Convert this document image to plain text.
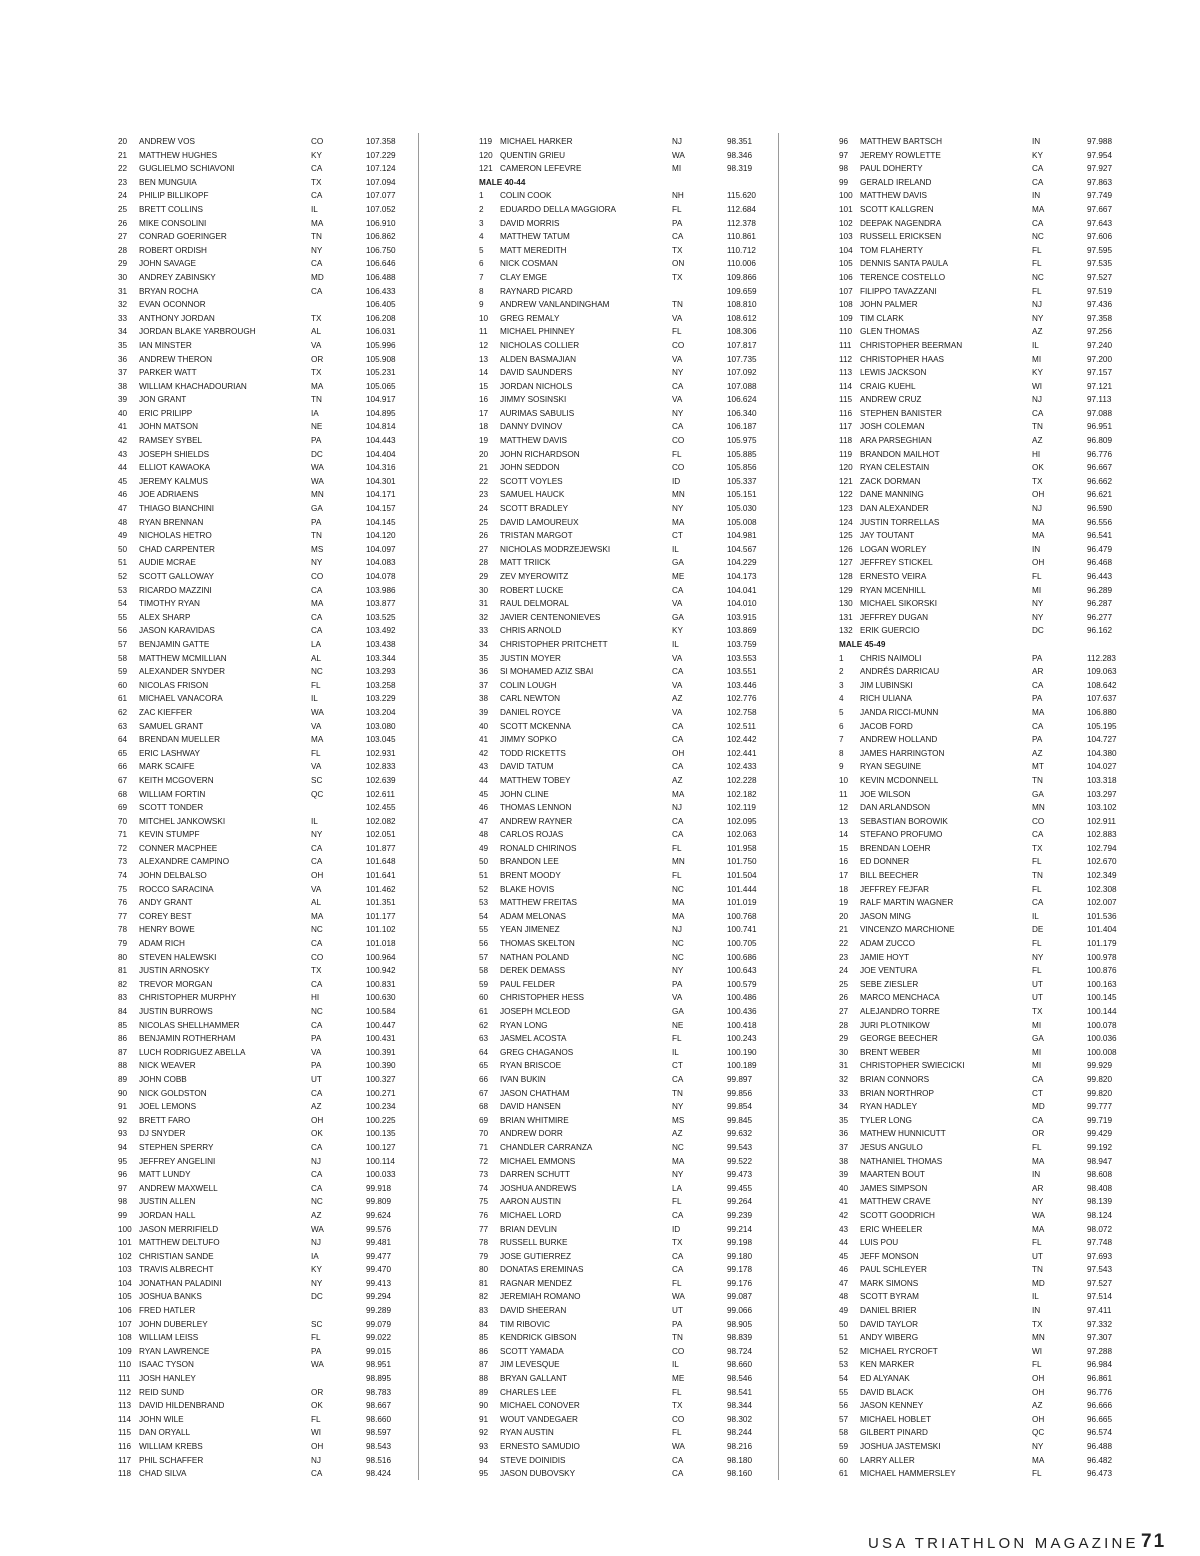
20 ANDREW VOS	CO	107.358
21 MATTHEW HUGHES	KY	107.229
22 GUGLIELMO SCHIAVONI	CA	107.124
23 BEN MUNGUIA	TX	107.094
24 PHILIP BILLIKOPF	CA	107.077
25 BRETT COLLINS	IL	107.052
26 MIKE CONSOLINI	MA	106.910
27 CONRAD GOERINGER	TN	106.862
28 ROBERT ORDISH	NY	106.750
29 JOHN SAVAGE	CA	106.646
30 ANDREY ZABINSKY	MD	106.488
31 BRYAN ROCHA	CA	106.433
32 EVAN OCONNOR	106.405
33 ANTHONY JORDAN	TX	106.208
34 JORDAN BLAKE YARBROUGH	AL	106.031
35 IAN MINSTER	VA	105.996
36 ANDREW THERON	OR	105.908
37 PARKER WATT	TX	105.231
38 WILLIAM KHACHADOURIAN	MA	105.065
39 JON GRANT	TN	104.917
40 ERIC PRILIPP	IA	104.895
41 JOHN MATSON	NE	104.814
42 RAMSEY SYBEL	PA	104.443
43 JOSEPH SHIELDS	DC	104.404
44 ELLIOT KAWAOKA	WA	104.316
45 JEREMY KALMUS	WA	104.301
46 JOE ADRIAENS	MN	104.171
47 THIAGO BIANCHINI	GA	104.157
48 RYAN BRENNAN	PA	104.145
49 NICHOLAS HETRO	TN	104.120
50 CHAD CARPENTER	MS	104.097
51 AUDIE MCRAE	NY	104.083
52 SCOTT GALLOWAY	CO	104.078
53 RICARDO MAZZINI	CA	103.986
54 TIMOTHY RYAN	MA	103.877
55 ALEX SHARP	CA	103.525
56 JASON KARAVIDAS	CA	103.492
57 BENJAMIN GATTE	LA	103.438
58 MATTHEW MCMILLIAN	AL	103.344
59 ALEXANDER SNYDER	NC	103.293
60 NICOLAS FRISON	FL	103.258
61 MICHAEL VANACORA	IL	103.229
62 ZAC KIEFFER	WA	103.204
63 SAMUEL GRANT	VA	103.080
64 BRENDAN MUELLER	MA	103.045
65 ERIC LASHWAY	FL	102.931
66 MARK SCAIFE	VA	102.833
67 KEITH MCGOVERN	SC	102.639
68 WILLIAM FORTIN	QC	102.611
69 SCOTT TONDER	102.455
70 MITCHEL JANKOWSKI	IL	102.082
71 KEVIN STUMPF	NY	102.051
72 CONNER MACPHEE	CA	101.877
73 ALEXANDRE CAMPINO	CA	101.648
74 JOHN DELBALSO	OH	101.641
75 ROCCO SARACINA	VA	101.462
76 ANDY GRANT	AL	101.351
77 COREY BEST	MA	101.177
78 HENRY BOWE	NC	101.102
79 ADAM RICH	CA	101.018
80 STEVEN HALEWSKI	CO	100.964
81 JUSTIN ARNOSKY	TX	100.942
82 TREVOR MORGAN	CA	100.831
83 CHRISTOPHER MURPHY	HI	100.630
84 JUSTIN BURROWS	NC	100.584
85 NICOLAS SHELLHAMMER	CA	100.447
86 BENJAMIN ROTHERHAM	PA	100.431
87 LUCH RODRIGUEZ ABELLA	VA	100.391
88 NICK WEAVER	PA	100.390
89 JOHN COBB	UT	100.327
90 NICK GOLDSTON	CA	100.271
91 JOEL LEMONS	AZ	100.234
92 BRETT FARO	OH	100.225
93 DJ SNYDER	OK	100.135
94 STEPHEN SPERRY	CA	100.127
95 JEFFREY ANGELINI	NJ	100.114
96 MATT LUNDY	CA	100.033
97 ANDREW MAXWELL	CA	99.918
98 JUSTIN ALLEN	NC	99.809
99 JORDAN HALL	AZ	99.624
100 JASON MERRIFIELD	WA	99.576
101 MATTHEW DELTUFO	NJ	99.481
102 CHRISTIAN SANDE	IA	99.477
103 TRAVIS ALBRECHT	KY	99.470
104 JONATHAN PALADINI	NY	99.413
105 JOSHUA BANKS	DC	99.294
106 FRED HATLER	99.289
107 JOHN DUBERLEY	SC	99.079
108 WILLIAM LEISS	FL	99.022
109 RYAN LAWRENCE	PA	99.015
110 ISAAC TYSON	WA	98.951
111 JOSH HANLEY	98.895
112 REID SUND	OR	98.783
113 DAVID HILDENBRAND	OK	98.667
114 JOHN WILE	FL	98.660
115 DAN ORYALL	WI	98.597
116 WILLIAM KREBS	OH	98.543
117 PHIL SCHAFFER	NJ	98.516
118 CHAD SILVA	CA	98.424
119 MICHAEL HARKER	NJ	98.351
120 QUENTIN GRIEU	WA	98.346
121 CAMERON LEFEVRE	MI	98.319
MALE 40-44
1 COLIN COOK	NH	115.620
2 EDUARDO DELLA MAGGIORA	FL	112.684
3 DAVID MORRIS	PA	112.378
4 MATTHEW TATUM	CA	110.861
5 MATT MEREDITH	TX	110.712
6 NICK COSMAN	ON	110.006
7 CLAY EMGE	TX	109.866
8 RAYNARD PICARD	109.659
9 ANDREW VANLANDINGHAM	TN	108.810
10 GREG REMALY	VA	108.612
11 MICHAEL PHINNEY	FL	108.306
12 NICHOLAS COLLIER	CO	107.817
13 ALDEN BASMAJIAN	VA	107.735
14 DAVID SAUNDERS	NY	107.092
15 JORDAN NICHOLS	CA	107.088
16 JIMMY SOSINSKI	VA	106.624
17 AURIMAS SABULIS	NY	106.340
18 DANNY DVINOV	CA	106.187
19 MATTHEW DAVIS	CO	105.975
20 JOHN RICHARDSON	FL	105.885
21 JOHN SEDDON	CO	105.856
22 SCOTT VOYLES	ID	105.337
23 SAMUEL HAUCK	MN	105.151
24 SCOTT BRADLEY	NY	105.030
25 DAVID LAMOUREUX	MA	105.008
26 TRISTAN MARGOT	CT	104.981
27 NICHOLAS MODRZEJEWSKI	IL	104.567
28 MATT TRIICK	GA	104.229
29 ZEV MYEROWITZ	ME	104.173
30 ROBERT LUCKE	CA	104.041
31 RAUL DELMORAL	VA	104.010
32 JAVIER CENTENONIEVES	GA	103.915
33 CHRIS ARNOLD	KY	103.869
34 CHRISTOPHER PRITCHETT	IL	103.759
35 JUSTIN MOYER	VA	103.553
36 SI MOHAMED AZIZ SBAI	CA	103.551
37 COLIN LOUGH	VA	103.446
38 CARL NEWTON	AZ	102.776
39 DANIEL ROYCE	VA	102.758
40 SCOTT MCKENNA	CA	102.511
41 JIMMY SOPKO	CA	102.442
42 TODD RICKETTS	OH	102.441
43 DAVID TATUM	CA	102.433
44 MATTHEW TOBEY	AZ	102.228
45 JOHN CLINE	MA	102.182
46 THOMAS LENNON	NJ	102.119
47 ANDREW RAYNER	CA	102.095
48 CARLOS ROJAS	CA	102.063
49 RONALD CHIRINOS	FL	101.958
50 BRANDON LEE	MN	101.750
51 BRENT MOODY	FL	101.504
52 BLAKE HOVIS	NC	101.444
53 MATTHEW FREITAS	MA	101.019
54 ADAM MELONAS	MA	100.768
55 YEAN JIMENEZ	NJ	100.741
56 THOMAS SKELTON	NC	100.705
57 NATHAN POLAND	NC	100.686
58 DEREK DEMASS	NY	100.643
59 PAUL FELDER	PA	100.579
60 CHRISTOPHER HESS	VA	100.486
61 JOSEPH MCLEOD	GA	100.436
62 RYAN LONG	NE	100.418
63 JASMEL ACOSTA	FL	100.243
64 GREG CHAGANOS	IL	100.190
65 RYAN BRISCOE	CT	100.189
66 IVAN BUKIN	CA	99.897
67 JASON CHATHAM	TN	99.856
68 DAVID HANSEN	NY	99.854
69 BRIAN WHITMIRE	MS	99.845
70 ANDREW DORR	AZ	99.632
71 CHANDLER CARRANZA	NC	99.543
72 MICHAEL EMMONS	MA	99.522
73 DARREN SCHUTT	NY	99.473
74 JOSHUA ANDREWS	LA	99.455
75 AARON AUSTIN	FL	99.264
76 MICHAEL LORD	CA	99.239
77 BRIAN DEVLIN	ID	99.214
78 RUSSELL BURKE	TX	99.198
79 JOSE GUTIERREZ	CA	99.180
80 DONATAS EREMINAS	CA	99.178
81 RAGNAR MENDEZ	FL	99.176
82 JEREMIAH ROMANO	WA	99.087
83 DAVID SHEERAN	UT	99.066
84 TIM RIBOVIC	PA	98.905
85 KENDRICK GIBSON	TN	98.839
86 SCOTT YAMADA	CO	98.724
87 JIM LEVESQUE	IL	98.660
88 BRYAN GALLANT	ME	98.546
89 CHARLES LEE	FL	98.541
90 MICHAEL CONOVER	TX	98.344
91 WOUT VANDEGAER	CO	98.302
92 RYAN AUSTIN	FL	98.244
93 ERNESTO SAMUDIO	WA	98.216
94 STEVE DOINIDIS	CA	98.180
95 JASON DUBOVSKY	CA	98.160
96 MATTHEW BARTSCH	IN	97.988
97 JEREMY ROWLETTE	KY	97.954
98 PAUL DOHERTY	CA	97.927
99 GERALD IRELAND	CA	97.863
100 MATTHEW DAVIS	IN	97.749
101 SCOTT KALLGREN	MA	97.667
102 DEEPAK NAGENDRA	CA	97.643
103 RUSSELL ERICKSEN	NC	97.606
104 TOM FLAHERTY	FL	97.595
105 DENNIS SANTA PAULA	FL	97.535
106 TERENCE COSTELLO	NC	97.527
107 FILIPPO TAVAZZANI	FL	97.519
108 JOHN PALMER	NJ	97.436
109 TIM CLARK	NY	97.358
110 GLEN THOMAS	AZ	97.256
111 CHRISTOPHER BEERMAN	IL	97.240
112 CHRISTOPHER HAAS	MI	97.200
113 LEWIS JACKSON	KY	97.157
114 CRAIG KUEHL	WI	97.121
115 ANDREW CRUZ	NJ	97.113
116 STEPHEN BANISTER	CA	97.088
117 JOSH COLEMAN	TN	96.951
118 ARA PARSEGHIAN	AZ	96.809
119 BRANDON MAILHOT	HI	96.776
120 RYAN CELESTAIN	OK	96.667
121 ZACK DORMAN	TX	96.662
122 DANE MANNING	OH	96.621
123 DAN ALEXANDER	NJ	96.590
124 JUSTIN TORRELLAS	MA	96.556
125 JAY TOUTANT	MA	96.541
126 LOGAN WORLEY	IN	96.479
127 JEFFREY STICKEL	OH	96.468
128 ERNESTO VEIRA	FL	96.443
129 RYAN MCENHILL	MI	96.289
130 MICHAEL SIKORSKI	NY	96.287
131 JEFFREY DUGAN	NY	96.277
132 ERIK GUERCIO	DC	96.162
MALE 45-49
1 CHRIS NAIMOLI	PA	112.283
2 ANDRÉS DARRICAU	AR	109.063
3 JIM LUBINSKI	CA	108.642
4 RICH ULIANA	PA	107.637
5 JANDA RICCI-MUNN	MA	106.880
6 JACOB FORD	CA	105.195
7 ANDREW HOLLAND	PA	104.727
8 JAMES HARRINGTON	AZ	104.380
9 RYAN SEGUINE	MT	104.027
10 KEVIN MCDONNELL	TN	103.318
11 JOE WILSON	GA	103.297
12 DAN ARLANDSON	MN	103.102
13 SEBASTIAN BOROWIK	CO	102.911
14 STEFANO PROFUMO	CA	102.883
15 BRENDAN LOEHR	TX	102.794
16 ED DONNER	FL	102.670
17 BILL BEECHER	TN	102.349
18 JEFFREY FEJFAR	FL	102.308
19 RALF MARTIN WAGNER	CA	102.007
20 JASON MING	IL	101.536
21 VINCENZO MARCHIONE	DE	101.404
22 ADAM ZUCCO	FL	101.179
23 JAMIE HOYT	NY	100.978
24 JOE VENTURA	FL	100.876
25 SEBE ZIESLER	UT	100.163
26 MARCO MENCHACA	UT	100.145
27 ALEJANDRO TORRE	TX	100.144
28 JURI PLOTNIKOW	MI	100.078
29 GEORGE BEECHER	GA	100.036
30 BRENT WEBER	MI	100.008
31 CHRISTOPHER SWIECICKI	MI	99.929
32 BRIAN CONNORS	CA	99.820
33 BRIAN NORTHROP	CT	99.820
34 RYAN HADLEY	MD	99.777
35 TYLER LONG	CA	99.719
36 MATHEW HUNNICUTT	OR	99.429
37 JESUS ANGULO	FL	99.192
38 NATHANIEL THOMAS	MA	98.947
39 MAARTEN BOUT	IN	98.608
40 JAMES SIMPSON	AR	98.408
41 MATTHEW CRAVE	NY	98.139
42 SCOTT GOODRICH	WA	98.124
43 ERIC WHEELER	MA	98.072
44 LUIS POU	FL	97.748
45 JEFF MONSON	UT	97.693
46 PAUL SCHLEYER	TN	97.543
47 MARK SIMONS	MD	97.527
48 SCOTT BYRAM	IL	97.514
49 DANIEL BRIER	IN	97.411
50 DAVID TAYLOR	TX	97.332
51 ANDY WIBERG	MN	97.307
52 MICHAEL RYCROFT	WI	97.288
53 KEN MARKER	FL	96.984
54 ED ALYANAK	OH	96.861
55 DAVID BLACK	OH	96.776
56 JASON KENNEY	AZ	96.666
57 MICHAEL HOBLET	OH	96.665
58 GILBERT PINARD	QC	96.574
59 JOSHUA JASTEMSKI	NY	96.488
60 LARRY ALLER	MA	96.482
61 MICHAEL HAMMERSLEY	FL	96.473
USA TRIATHLON MAGAZINE 71
